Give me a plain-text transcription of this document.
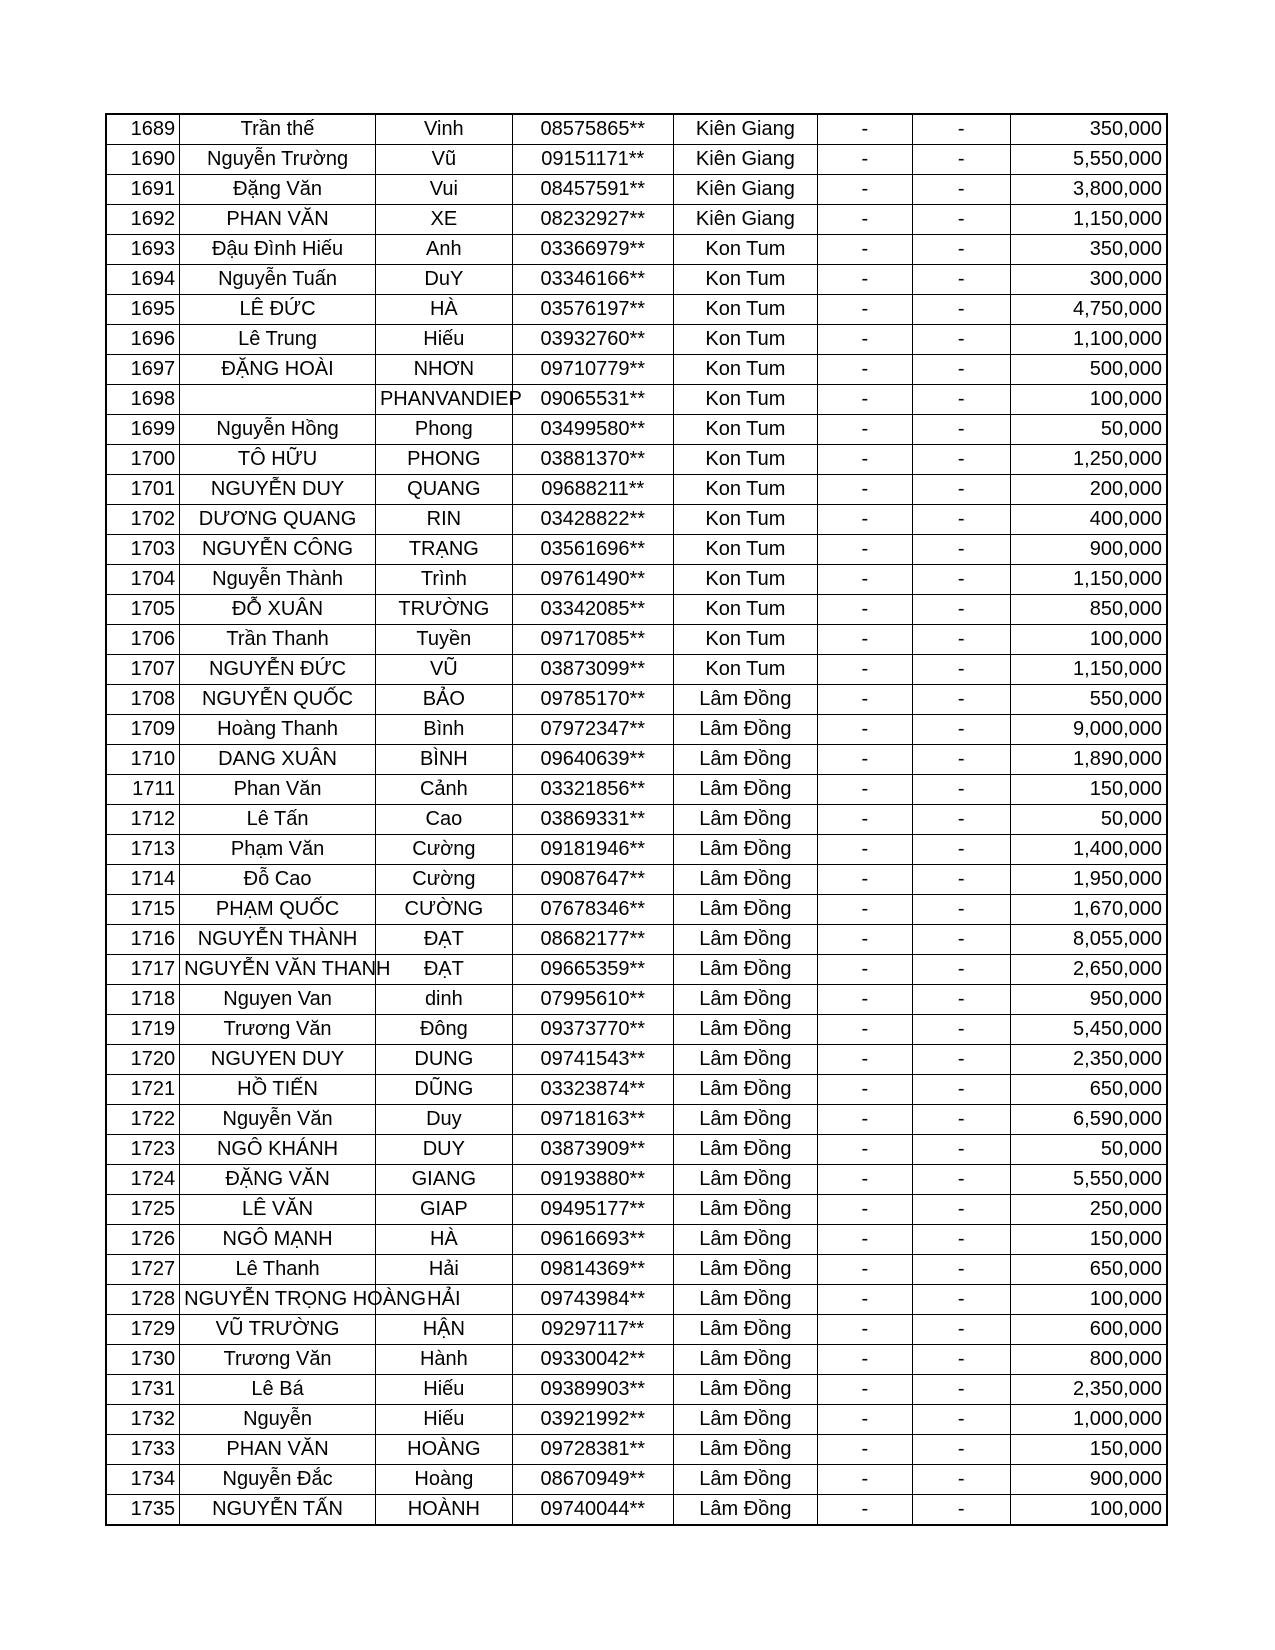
1689	Trần thế	Vinh	08575865**	Kiên Giang	-	-	350,000
1690	Nguyễn Trường	Vũ	09151171**	Kiên Giang	-	-	5,550,000
1691	Đặng Văn	Vui	08457591**	Kiên Giang	-	-	3,800,000
1692	PHAN VĂN	XE	08232927**	Kiên Giang	-	-	1,150,000
1693	Đậu Đình Hiếu	Anh	03366979**	Kon Tum	-	-	350,000
1694	Nguyễn Tuấn	DuY	03346166**	Kon Tum	-	-	300,000
1695	LÊ ĐỨC	HÀ	03576197**	Kon Tum	-	-	4,750,000
1696	Lê Trung	Hiếu	03932760**	Kon Tum	-	-	1,100,000
1697	ĐẶNG HOÀI	NHƠN	09710779**	Kon Tum	-	-	500,000
1698		PHANVANDIEP	09065531**	Kon Tum	-	-	100,000
1699	Nguyễn Hồng	Phong	03499580**	Kon Tum	-	-	50,000
1700	TÔ HỮU	PHONG	03881370**	Kon Tum	-	-	1,250,000
1701	NGUYỄN DUY	QUANG	09688211**	Kon Tum	-	-	200,000
1702	DƯƠNG QUANG	RIN	03428822**	Kon Tum	-	-	400,000
1703	NGUYỄN CÔNG	TRẠNG	03561696**	Kon Tum	-	-	900,000
1704	Nguyễn Thành	Trình	09761490**	Kon Tum	-	-	1,150,000
1705	ĐỖ XUÂN	TRƯỜNG	03342085**	Kon Tum	-	-	850,000
1706	Trần Thanh	Tuyền	09717085**	Kon Tum	-	-	100,000
1707	NGUYỄN ĐỨC	VŨ	03873099**	Kon Tum	-	-	1,150,000
1708	NGUYỄN QUỐC	BẢO	09785170**	Lâm Đồng	-	-	550,000
1709	Hoàng Thanh	Bình	07972347**	Lâm Đồng	-	-	9,000,000
1710	DANG XUÂN	BÌNH	09640639**	Lâm Đồng	-	-	1,890,000
1711	Phan Văn	Cảnh	03321856**	Lâm Đồng	-	-	150,000
1712	Lê Tấn	Cao	03869331**	Lâm Đồng	-	-	50,000
1713	Phạm Văn	Cường	09181946**	Lâm Đồng	-	-	1,400,000
1714	Đỗ Cao	Cường	09087647**	Lâm Đồng	-	-	1,950,000
1715	PHẠM QUỐC	CƯỜNG	07678346**	Lâm Đồng	-	-	1,670,000
1716	NGUYỄN THÀNH	ĐẠT	08682177**	Lâm Đồng	-	-	8,055,000
1717	NGUYỄN VĂN THANH	ĐẠT	09665359**	Lâm Đồng	-	-	2,650,000
1718	Nguyen Van	dinh	07995610**	Lâm Đồng	-	-	950,000
1719	Trương Văn	Đông	09373770**	Lâm Đồng	-	-	5,450,000
1720	NGUYEN DUY	DUNG	09741543**	Lâm Đồng	-	-	2,350,000
1721	HỒ TIẾN	DŨNG	03323874**	Lâm Đồng	-	-	650,000
1722	Nguyễn Văn	Duy	09718163**	Lâm Đồng	-	-	6,590,000
1723	NGÔ KHÁNH	DUY	03873909**	Lâm Đồng	-	-	50,000
1724	ĐẶNG VĂN	GIANG	09193880**	Lâm Đồng	-	-	5,550,000
1725	LÊ VĂN	GIAP	09495177**	Lâm Đồng	-	-	250,000
1726	NGÔ MẠNH	HÀ	09616693**	Lâm Đồng	-	-	150,000
1727	Lê Thanh	Hải	09814369**	Lâm Đồng	-	-	650,000
1728	NGUYỄN TRỌNG HOÀNG	HẢI	09743984**	Lâm Đồng	-	-	100,000
1729	VŨ TRƯỜNG	HẬN	09297117**	Lâm Đồng	-	-	600,000
1730	Trương Văn	Hành	09330042**	Lâm Đồng	-	-	800,000
1731	Lê Bá	Hiếu	09389903**	Lâm Đồng	-	-	2,350,000
1732	Nguyễn	Hiếu	03921992**	Lâm Đồng	-	-	1,000,000
1733	PHAN VĂN	HOÀNG	09728381**	Lâm Đồng	-	-	150,000
1734	Nguyễn Đắc	Hoàng	08670949**	Lâm Đồng	-	-	900,000
1735	NGUYỄN TẤN	HOÀNH	09740044**	Lâm Đồng	-	-	100,000
